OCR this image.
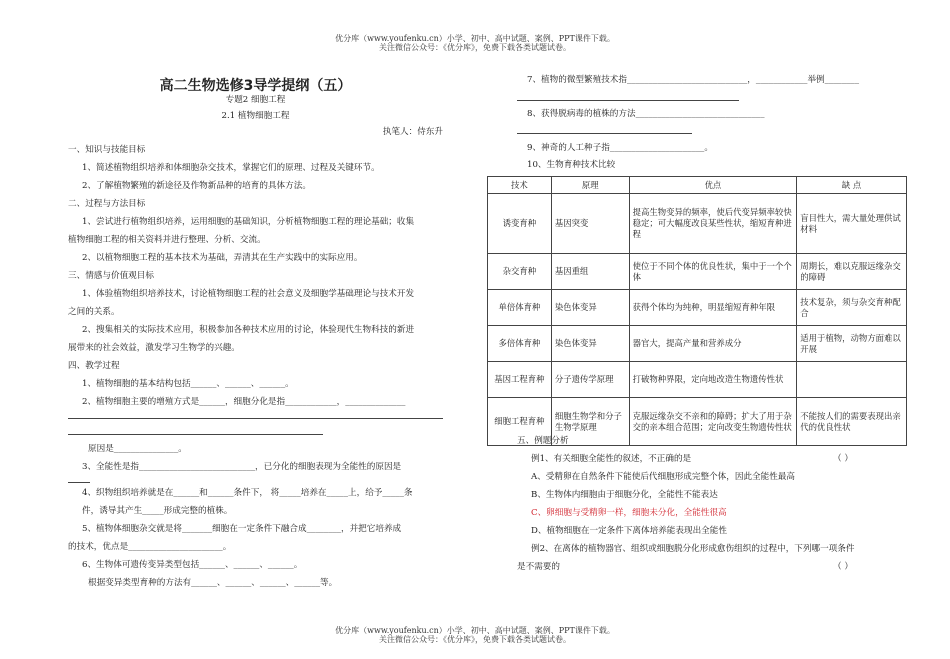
优分库（www.youfenku.cn）小学、初中、高中试题、案例、PPT课件下载。
关注微信公众号：《优分库》，免费下载各类试题试卷。
高二生物选修3导学提纲（五）
专题2 细胞工程
2.1 植物细胞工程
执笔人：侍东升
一、知识与技能目标
1、简述植物组织培养和体细胞杂交技术，掌握它们的原理、过程及关键环节。
2、了解植物繁殖的新途径及作物新品种的培育的具体方法。
二、过程与方法目标
1、尝试进行植物组织培养，运用细胞的基础知识，分析植物细胞工程的理论基础；收集
植物细胞工程的相关资料并进行整理、分析、交流。
2、以植物细胞工程的基本技术为基础，弄清其在生产实践中的实际应用。
三、情感与价值观目标
1、体验植物组织培养技术，讨论植物细胞工程的社会意义及细胞学基础理论与技术开发
之间的关系。
2、搜集相关的实际技术应用，积极参加各种技术应用的讨论，体验现代生物科技的新进
展带来的社会效益，激发学习生物学的兴趣。
四、教学过程
1、植物细胞的基本结构包括______、______、______。
2、植物细胞主要的增殖方式是______，细胞分化是指____________，______________
原因是_______________。
3、全能性是指___________________________，已分化的细胞表现为全能性的原因是
4、织物组织培养就是在______和______条件下， 将_____培养在_____上，给予_____条
件，诱导其产生_____形成完整的植株。
5、植物体细胞杂交就是将_______细胞在一定条件下融合成________，并把它培养成
的技术，优点是______________________。
6、生物体可遗传变异类型包括______、______、______。
根据变异类型育种的方法有______、______、______、______等。
7、植物的微型繁殖技术指____________________________，____________举例________
8、获得脱病毒的植株的方法______________________________
9、神奇的人工种子指______________________。
10、生物育种技术比较
技术	原理	优点	缺 点
诱变育种	基因突变	提高生物变异的频率，使后代变异频率较快稳定；可大幅度改良某些性状，缩短育种进程	盲目性大，需大量处理供试材料
杂交育种	基因重组	使位于不同个体的优良性状，集中于一个个体	周期长，难以克服远缘杂交的障碍
单倍体育种	染色体变异	获得个体均为纯种，明显缩短育种年限	技术复杂，须与杂交育种配合
多倍体育种	染色体变异	器官大，提高产量和营养成分	适用于植物，动物方面难以开展
基因工程育种	分子遗传学原理	打破物种界限，定向地改造生物遗传性状	
细胞工程育种	细胞生物学和分子生物学原理	克服远缘杂交不亲和的障碍；扩大了用于杂交的亲本组合范围；定向改变生物遗传性状	不能按人们的需要表现出亲代的优良性状
五、例题分析
例1、有关细胞全能性的叙述，不正确的是	（ ）
A、受精卵在自然条件下能使后代细胞形成完整个体，因此全能性最高
B、生物体内细胞由于细胞分化，全能性不能表达
C、卵细胞与受精卵一样，细胞未分化，全能性很高
D、植物细胞在一定条件下离体培养能表现出全能性
例2、在离体的植物器官、组织或细胞脱分化形成愈伤组织的过程中，下列哪一项条件
是不需要的	（ ）
优分库（www.youfenku.cn）小学、初中、高中试题、案例、PPT课件下载。
关注微信公众号：《优分库》，免费下载各类试题试卷。
